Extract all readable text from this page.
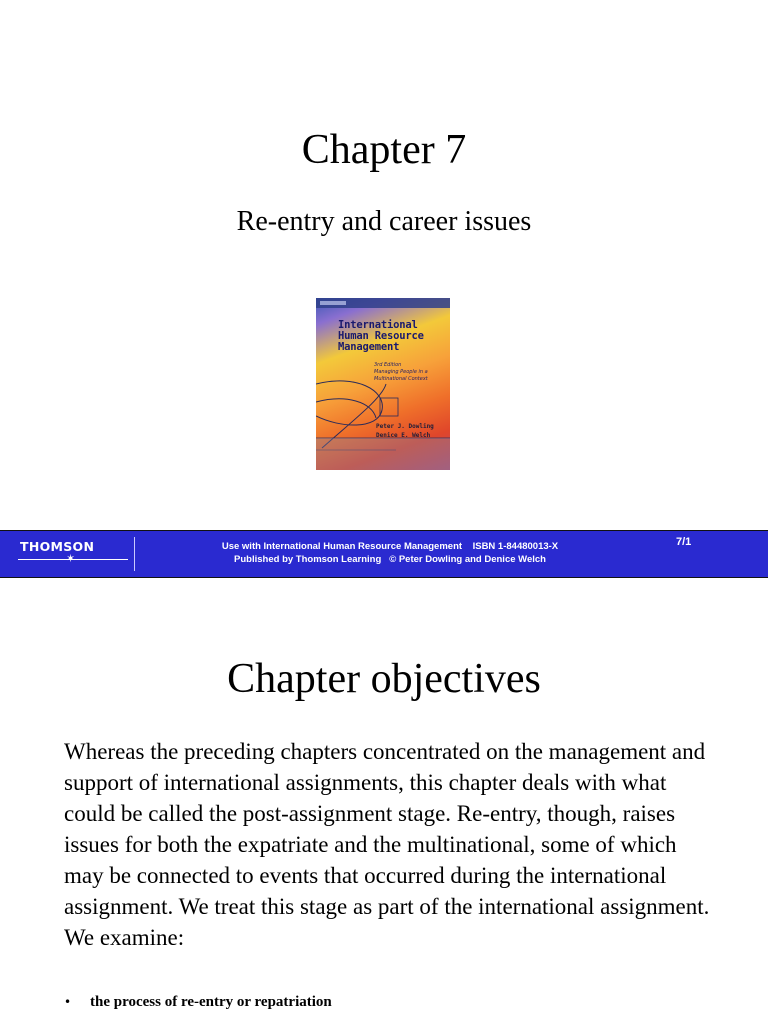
Chapter 7
Re-entry and career issues
International
Human Resource
Management
3rd Edition
Managing People in a
Multinational Context
Peter J. Dowling
Denice E. Welch
THOMSON
✶
Use with International Human Resource Management    ISBN 1-84480013-X
Published by Thomson Learning   © Peter Dowling and Denice Welch
7/1
Chapter objectives
Whereas the preceding chapters concentrated on the management and support of international assignments, this chapter deals with what could be called the post-assignment stage. Re-entry, though, raises issues for both the expatriate and the multinational, some of which may be connected to events that occurred during the international assignment. We treat this stage as part of the international assignment. We examine:
• the process of re-entry or repatriation
